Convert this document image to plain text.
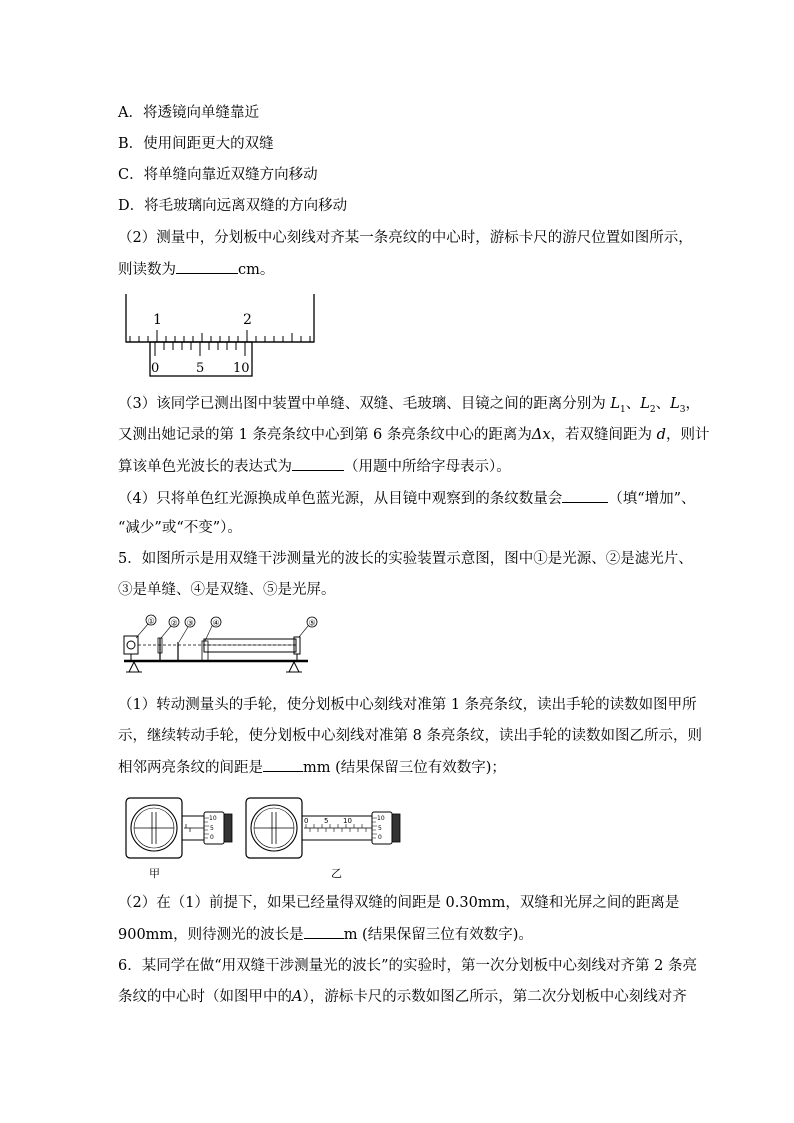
A．将透镜向单缝靠近
B．使用间距更大的双缝
C．将单缝向靠近双缝方向移动
D．将毛玻璃向远离双缝的方向移动
（2）测量中，分划板中心刻线对齐某一条亮纹的中心时，游标卡尺的游尺位置如图所示，
则读数为	cm。
1	2
0	5 10
（3）该同学已测出图中装置中单缝、双缝、毛玻璃、目镜之间的距离分别为 $L_1$、$L_2$、$L_3$，
又测出她记录的第 1 条亮条纹中心到第 6 条亮条纹中心的距离为Δx，若双缝间距为 d，则计
算该单色光波长的表达式为	（用题中所给字母表示）。
（4）只将单色红光源换成单色蓝光源，从目镜中观察到的条纹数量会	（填“增加”、
“减少”或“不变”）。
5．如图所示是用双缝干涉测量光的波长的实验装置示意图，图中①是光源、②是滤光片、
③是单缝、④是双缝、⑤是光屏。
① ② ③ ④	⑤
（1）转动测量头的手轮，使分划板中心刻线对准第 1 条亮条纹，读出手轮的读数如图甲所
示，继续转动手轮，使分划板中心刻线对准第 8 条亮条纹，读出手轮的读数如图乙所示，则
相邻两亮条纹的间距是	mm (结果保留三位有效数字)；
10
5
0
甲
0 5 10	10
5
0
乙
（2）在（1）前提下，如果已经量得双缝的间距是 0.30mm，双缝和光屏之间的距离是
900mm，则待测光的波长是	m (结果保留三位有效数字)。
6．某同学在做“用双缝干涉测量光的波长”的实验时，第一次分划板中心刻线对齐第 2 条亮
条纹的中心时（如图甲中的A），游标卡尺的示数如图乙所示，第二次分划板中心刻线对齐
